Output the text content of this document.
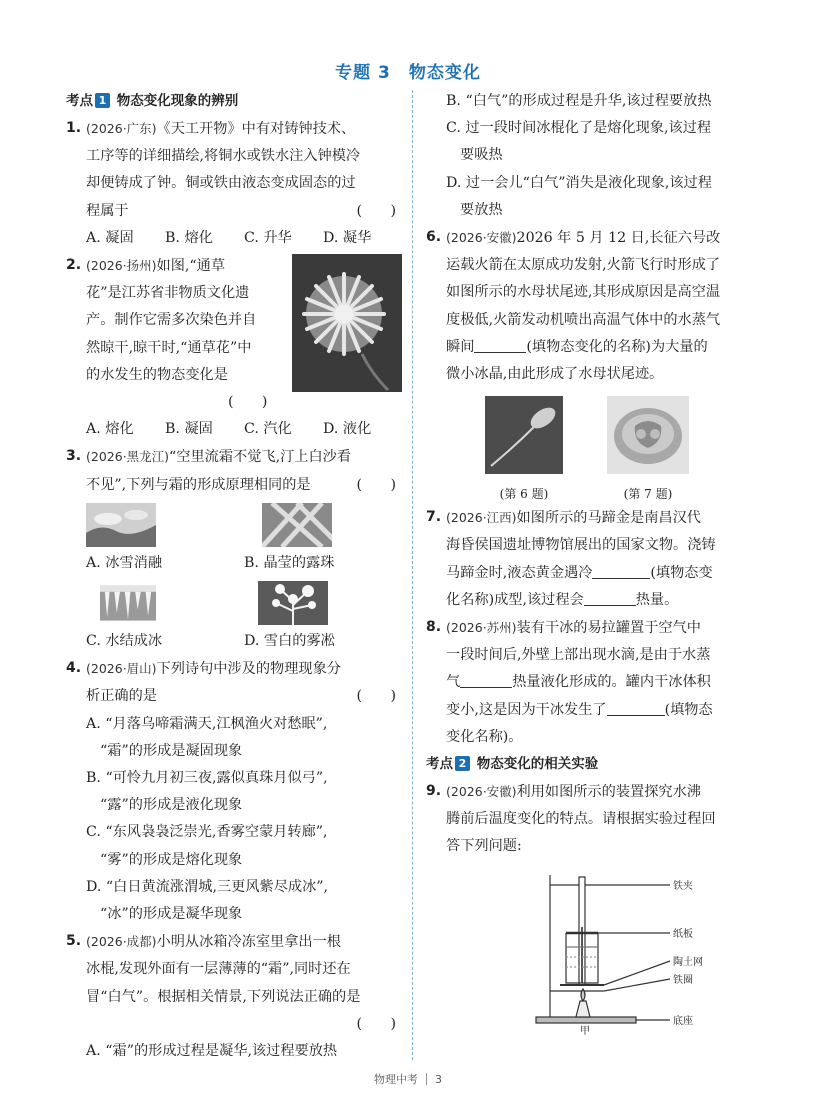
专题 3　物态变化
考点 1 物态变化现象的辨别
1. (2026·广东)《天工开物》中有对铸钟技术、
工序等的详细描绘,将铜水或铁水注入钟模冷
却便铸成了钟。铜或铁由液态变成固态的过
程属于	(　　)
A. 凝固	B. 熔化	C. 升华	D. 凝华
2. (2026·扬州)如图,“通草
花”是江苏省非物质文化遗
产。制作它需多次染色并自
然晾干,晾干时,“通草花”中
的水发生的物态变化是
(　　)
A. 熔化	B. 凝固	C. 汽化	D. 液化
3. (2026·黑龙江)“空里流霜不觉飞,汀上白沙看
不见”,下列与霜的形成原理相同的是	(　　)
A. 冰雪消融	B. 晶莹的露珠
C. 水结成冰	D. 雪白的雾凇
4. (2026·眉山)下列诗句中涉及的物理现象分
析正确的是	(　　)
A. “月落乌啼霜满天,江枫渔火对愁眠”,
“霜”的形成是凝固现象
B. “可怜九月初三夜,露似真珠月似弓”,
“露”的形成是液化现象
C. “东风袅袅泛崇光,香雾空蒙月转廊”,
“雾”的形成是熔化现象
D. “白日黄流涨渭城,三更风紫尽成冰”,
“冰”的形成是凝华现象
5. (2026·成都)小明从冰箱冷冻室里拿出一根
冰棍,发现外面有一层薄薄的“霜”,同时还在
冒“白气”。根据相关情景,下列说法正确的是
(　　)
A. “霜”的形成过程是凝华,该过程要放热
B. “白气”的形成过程是升华,该过程要放热
C. 过一段时间冰棍化了是熔化现象,该过程
要吸热
D. 过一会儿“白气”消失是液化现象,该过程
要放热
6. (2026·安徽)2026 年 5 月 12 日,长征六号改
运载火箭在太原成功发射,火箭飞行时形成了
如图所示的水母状尾迹,其形成原因是高空温
度极低,火箭发动机喷出高温气体中的水蒸气
瞬间	(填物态变化的名称)为大量的
微小冰晶,由此形成了水母状尾迹。
(第 6 题)	(第 7 题)
7. (2026·江西)如图所示的马蹄金是南昌汉代
海昏侯国遗址博物馆展出的国家文物。浇铸
马蹄金时,液态黄金遇冷	(填物态变
化名称)成型,该过程会	热量。
8. (2026·苏州)装有干冰的易拉罐置于空气中
一段时间后,外壁上部出现水滴,是由于水蒸
气	热量液化形成的。罐内干冰体积
变小,这是因为干冰发生了	(填物态
变化名称)。
考点 2 物态变化的相关实验
9. (2026·安徽)利用如图所示的装置探究水沸
腾前后温度变化的特点。请根据实验过程回
答下列问题:
铁夹
纸板
陶土网
铁圈
底座
甲
物理中考 3
